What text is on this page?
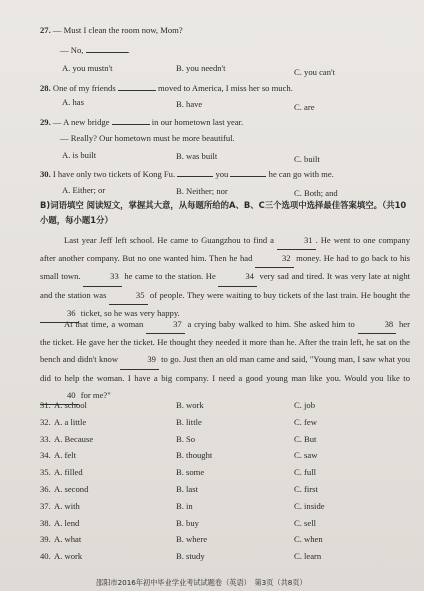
27. — Must I clean the room now, Mom?
— No,	.
A. you mustn't	B. you needn't	C. you can't
28. One of my friends	moved to America, I miss her so much.
A. has	B. have	C. are
29. — A new bridge	in our hometown last year.
— Really? Our hometown must be more beautiful.
A. is built	B. was built	C. built
30. I have only two tickets of Kong Fu.	you	he can go with me.
A. Either; or	B. Neither; nor	C. Both; and
B)词语填空 阅读短文，掌握其大意，从每题所给的A、B、C三个选项中选择最佳答案填空。（共10小题，每小题1分）

Last year Jeff left school. He came to Guangzhou to find a	31 . He went to one company after another company. But no one wanted him. Then he had	32 money. He had to go back to his small town.	33 he came to the station. He	34 very sad and tired. It was very late at night and the station was	35 of people. They were waiting to buy tickets of the last train. He bought the 36 ticket, so he was very happy.

At that time, a woman	37 a crying baby walked to him. She asked him to	38 her the ticket. He gave her the ticket. He thought they needed it more than he. After the train left, he sat on the bench and didn't know	39 to go. Just then an old man came and said, "Young man, I saw what you did to help the woman. I have a big company. I need a good young man like you. Would you like to 40 for me?"

31. A. school	B. work	C. job
32. A. a little	B. little	C. few
33. A. Because	B. So	C. But
34. A. felt	B. thought	C. saw
35. A. filled	B. some	C. full
36. A. second	B. last	C. first
37. A. with	B. in	C. inside
38. A. lend	B. buy	C. sell
39. A. what	B. where	C. when
40. A. work	B. study	C. learn
邵阳市2016年初中毕业学业考试试题卷（英语）　第3页（共8页）
